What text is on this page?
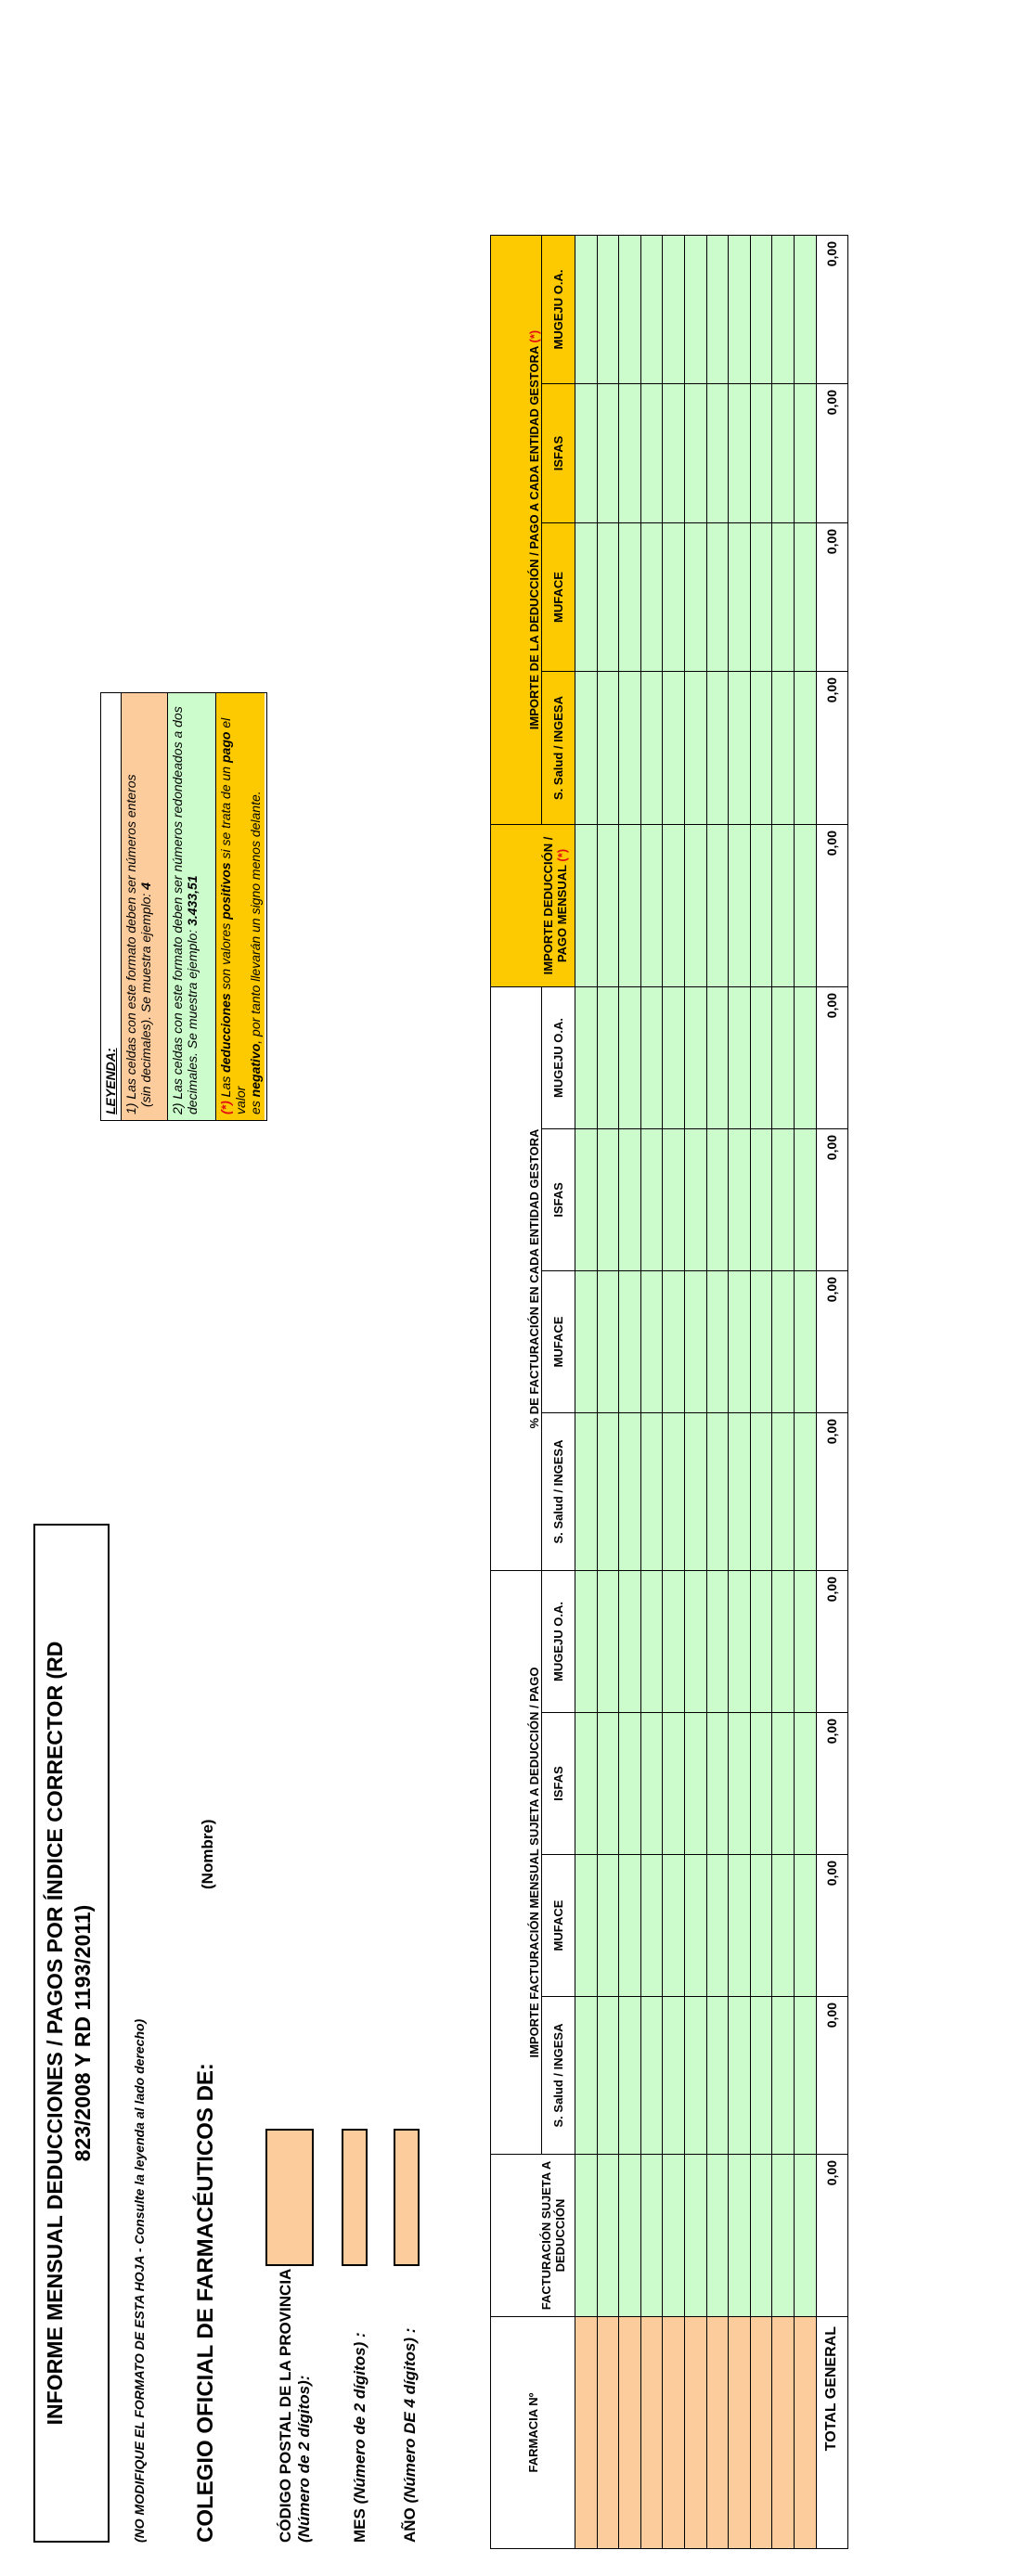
INFORME MENSUAL DEDUCCIONES / PAGOS POR ÍNDICE CORRECTOR (RD 823/2008 Y RD 1193/2011)	(NO MODIFIQUE EL FORMATO DE ESTA HOJA - Consulte la leyenda al lado derecho) COLEGIO OFICIAL DE FARMACÉUTICOS DE:
(Nombre)
CÓDIGO POSTAL DE LA PROVINCIA (Número de 2 dígitos): MES (Número de 2 dígitos) :
AÑO (Número DE 4 dígitos) :
LEYENDA: 1) Las celdas con este formato deben ser números enteros (sin decimales). Se muestra ejemplo: 4 2) Las celdas con este formato deben ser números redondeados a dos decimales. Se muestra ejemplo: 3.433,51
(*) Las deducciones son valores positivos si se trata de un pago el valor es negativo, por tanto llevarán un signo menos delante.
FARMACIA Nº	FACTURACIÓN SUJETA A DEDUCCIÓN	IMPORTE FACTURACIÓN MENSUAL SUJETA A DEDUCCIÓN / PAGO				% DE FACTURACIÓN EN CADA ENTIDAD GESTORA				IMPORTE DEDUCCIÓN / PAGO MENSUAL (*)	IMPORTE DE LA DEDUCCIÓN / PAGO A CADA ENTIDAD GESTORA (*)			
		S. Salud / INGESA	MUFACE	ISFAS	MUGEJU O.A.	S. Salud / INGESA	MUFACE	ISFAS	MUGEJU O.A.		S. Salud / INGESA	MUFACE	ISFAS	MUGEJU O.A.

TOTAL GENERAL	0,00	0,00	0,00	0,00	0,00	0,00	0,00	0,00	0,00	0,00	0,00	0,00	0,00	0,00
